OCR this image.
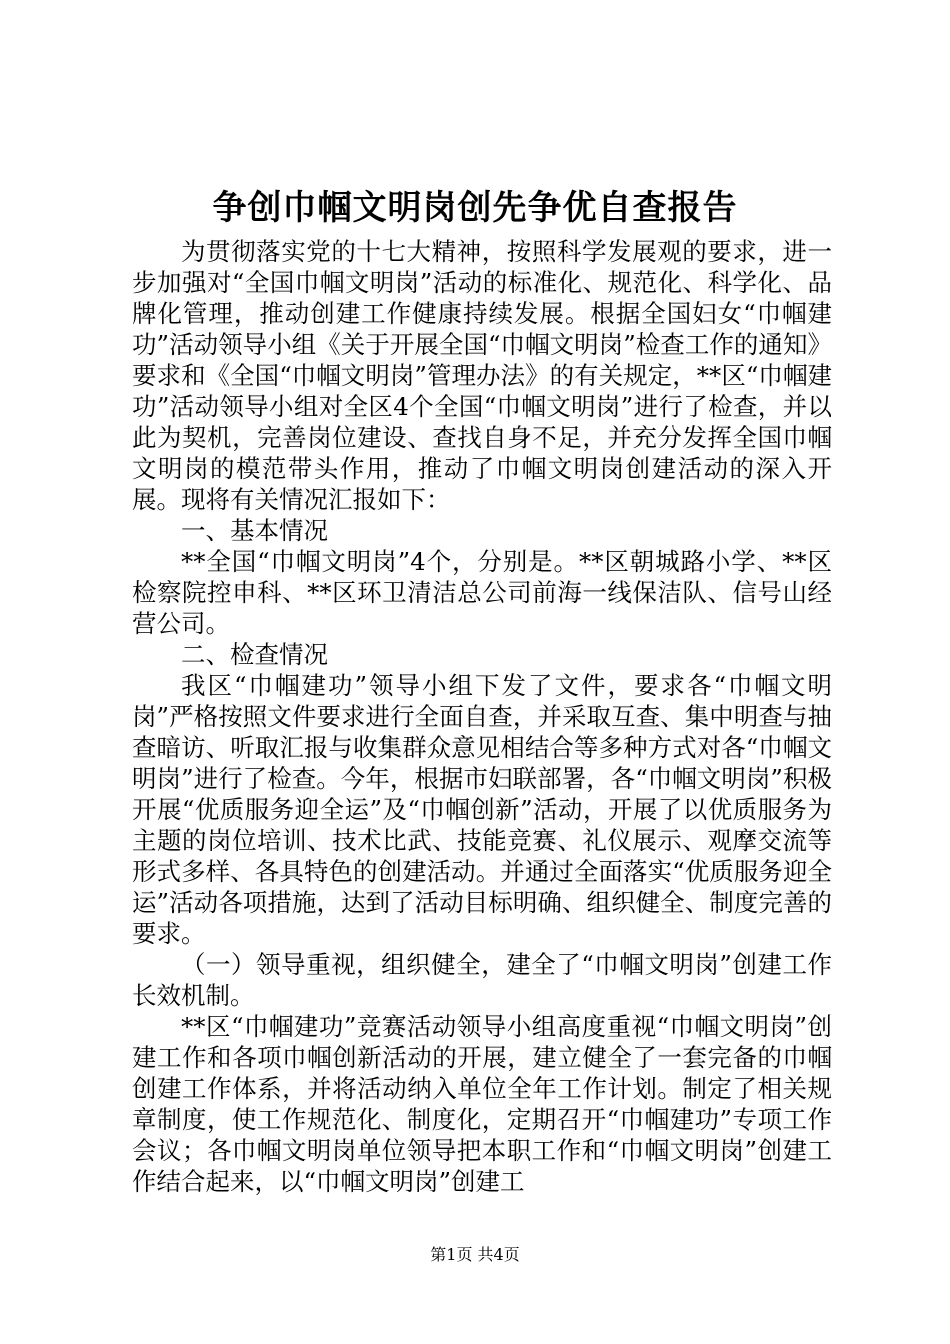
争创巾帼文明岗创先争优自查报告

为贯彻落实党的十七大精神，按照科学发展观的要求，进一步加强对“全国巾帼文明岗”活动的标准化、规范化、科学化、品牌化管理，推动创建工作健康持续发展。根据全国妇女“巾帼建功”活动领导小组《关于开展全国“巾帼文明岗”检查工作的通知》要求和《全国“巾帼文明岗”管理办法》的有关规定，**区“巾帼建功”活动领导小组对全区4个全国“巾帼文明岗”进行了检查，并以此为契机，完善岗位建设、查找自身不足，并充分发挥全国巾帼文明岗的模范带头作用，推动了巾帼文明岗创建活动的深入开展。现将有关情况汇报如下：

一、基本情况

**全国“巾帼文明岗”4个，分别是。**区朝城路小学、**区检察院控申科、**区环卫清洁总公司前海一线保洁队、信号山经营公司。

二、检查情况

我区“巾帼建功”领导小组下发了文件，要求各“巾帼文明岗”严格按照文件要求进行全面自查，并采取互查、集中明查与抽查暗访、听取汇报与收集群众意见相结合等多种方式对各“巾帼文明岗”进行了检查。今年，根据市妇联部署，各“巾帼文明岗”积极开展“优质服务迎全运”及“巾帼创新”活动，开展了以优质服务为主题的岗位培训、技术比武、技能竞赛、礼仪展示、观摩交流等形式多样、各具特色的创建活动。并通过全面落实“优质服务迎全运”活动各项措施，达到了活动目标明确、组织健全、制度完善的要求。

（一）领导重视，组织健全，建全了“巾帼文明岗”创建工作长效机制。

**区“巾帼建功”竞赛活动领导小组高度重视“巾帼文明岗”创建工作和各项巾帼创新活动的开展，建立健全了一套完备的巾帼创建工作体系，并将活动纳入单位全年工作计划。制定了相关规章制度，使工作规范化、制度化，定期召开“巾帼建功”专项工作会议；各巾帼文明岗单位领导把本职工作和“巾帼文明岗”创建工作结合起来，以“巾帼文明岗”创建工

第1页 共4页
